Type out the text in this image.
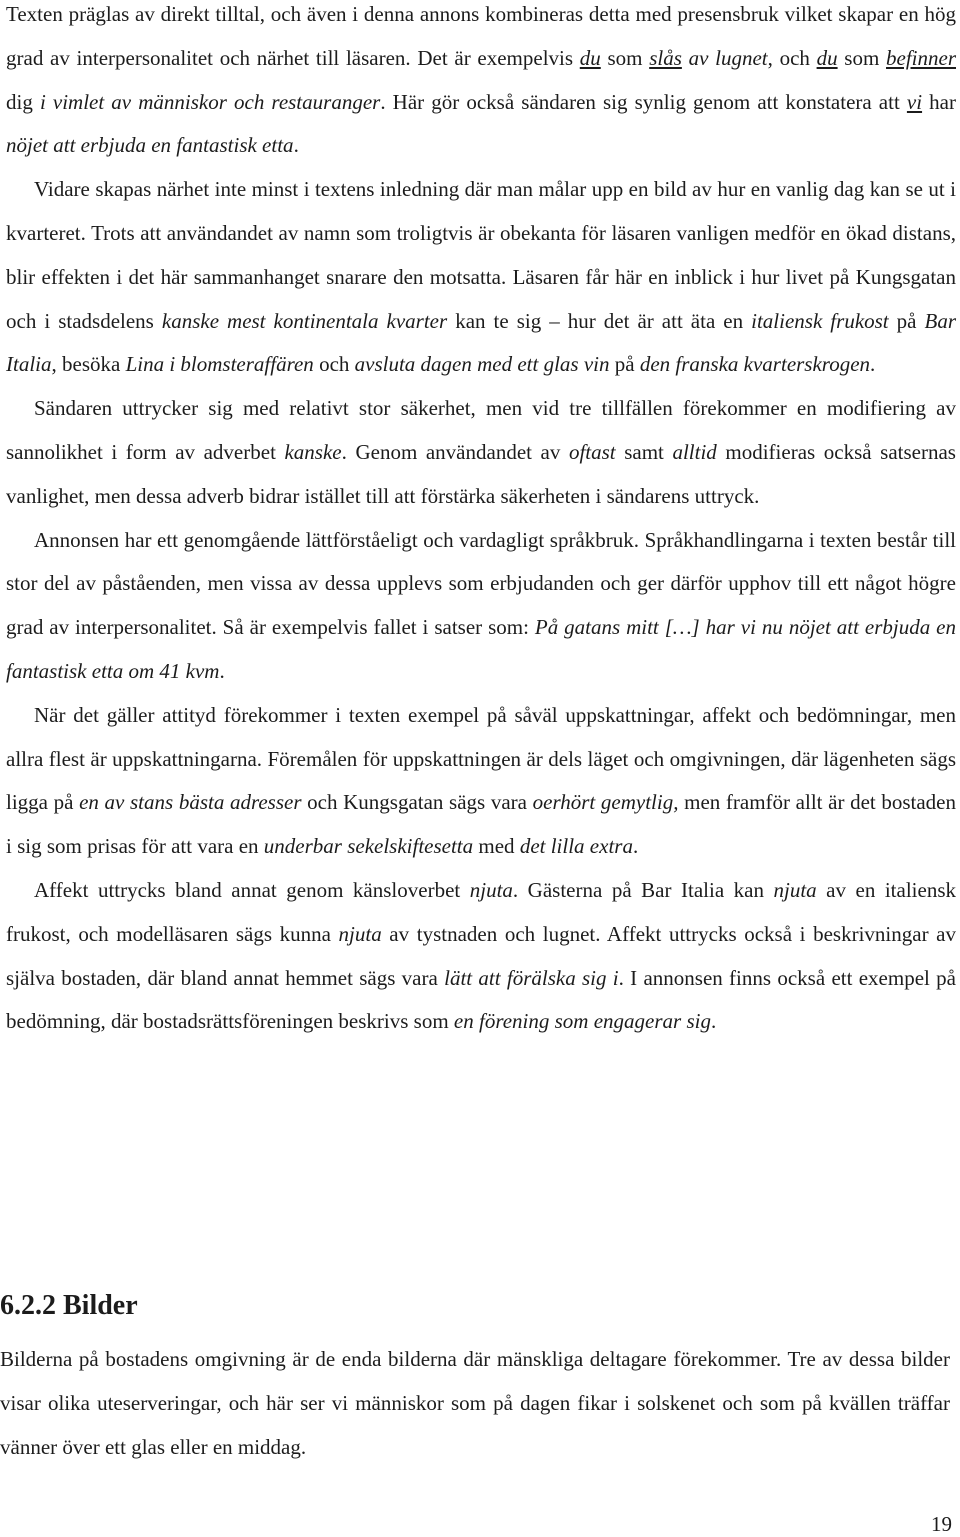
Texten präglas av direkt tilltal, och även i denna annons kombineras detta med presensbruk vilket skapar en hög grad av interpersonalitet och närhet till läsaren. Det är exempelvis du som slås av lugnet, och du som befinner dig i vimlet av människor och restauranger. Här gör också sändaren sig synlig genom att konstatera att vi har nöjet att erbjuda en fantastisk etta.

Vidare skapas närhet inte minst i textens inledning där man målar upp en bild av hur en vanlig dag kan se ut i kvarteret. Trots att användandet av namn som troligtvis är obekanta för läsaren vanligen medför en ökad distans, blir effekten i det här sammanhanget snarare den motsatta. Läsaren får här en inblick i hur livet på Kungsgatan och i stadsdelens kanske mest kontinentala kvarter kan te sig – hur det är att äta en italiensk frukost på Bar Italia, besöka Lina i blomsteraffären och avsluta dagen med ett glas vin på den franska kvarterskrogen.

Sändaren uttrycker sig med relativt stor säkerhet, men vid tre tillfällen förekommer en modifiering av sannolikhet i form av adverbet kanske. Genom användandet av oftast samt alltid modifieras också satsernas vanlighet, men dessa adverb bidrar istället till att förstärka säkerheten i sändarens uttryck.

Annonsen har ett genomgående lättförståeligt och vardagligt språkbruk. Språkhandlingarna i texten består till stor del av påståenden, men vissa av dessa upplevs som erbjudanden och ger därför upphov till ett något högre grad av interpersonalitet. Så är exempelvis fallet i satser som: På gatans mitt […] har vi nu nöjet att erbjuda en fantastisk etta om 41 kvm.

När det gäller attityd förekommer i texten exempel på såväl uppskattningar, affekt och bedömningar, men allra flest är uppskattningarna. Föremålen för uppskattningen är dels läget och omgivningen, där lägenheten sägs ligga på en av stans bästa adresser och Kungsgatan sägs vara oerhört gemytlig, men framför allt är det bostaden i sig som prisas för att vara en underbar sekelskiftesetta med det lilla extra.

Affekt uttrycks bland annat genom känsloverbet njuta. Gästerna på Bar Italia kan njuta av en italiensk frukost, och modelläsaren sägs kunna njuta av tystnaden och lugnet. Affekt uttrycks också i beskrivningar av själva bostaden, där bland annat hemmet sägs vara lätt att förälska sig i. I annonsen finns också ett exempel på bedömning, där bostadsrättsföreningen beskrivs som en förening som engagerar sig.

6.2.2 Bilder

Bilderna på bostadens omgivning är de enda bilderna där mänskliga deltagare förekommer. Tre av dessa bilder visar olika uteserveringar, och här ser vi människor som på dagen fikar i solskenet och som på kvällen träffar vänner över ett glas eller en middag.

19
